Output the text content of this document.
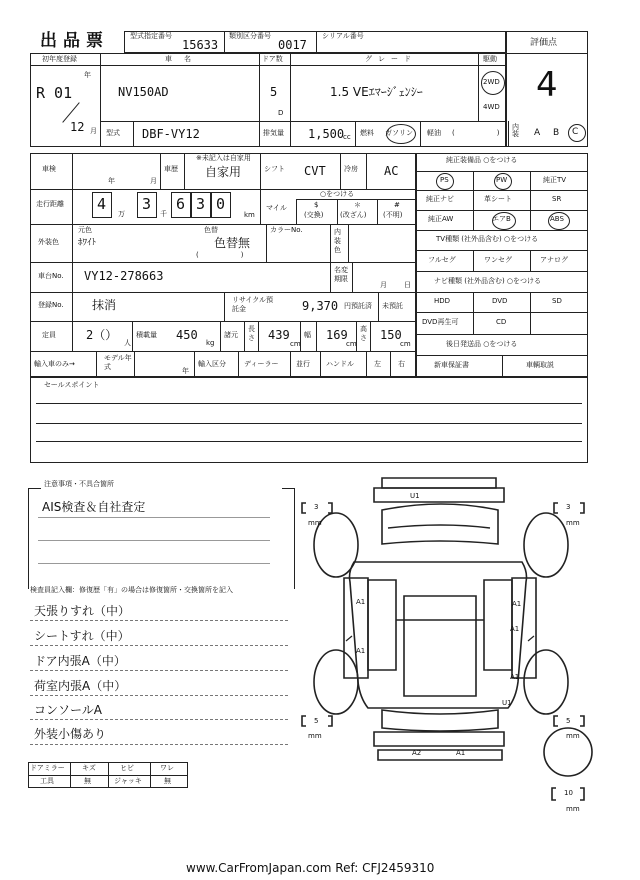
出品票	型式指定番号
15633
類別区分番号
0017
シリアル番号
評価点
4
初年度登録
年
R 01
12 月
車名
NV150AD
ドア数
5
D
グレード
1.5 VEｴﾏｰｼﾞｪﾝｼｰ
駆動
2WD
4WD
型式 DBF-VY12	排気量 1,500
cc 燃料 ガソリン 軽油 (　　　　　　)
内装	A B C
車検
年	月
車歴
※未記入は自家用
自家用	シフト CVT	冷房 AC
走行距離 4
万
3
千
6 3 0
km
マイル
○をつける
$
(交換)
＊
(改ざん)
#
(不明)
外装色
元色
ﾎﾜｲﾄ
色替
色替無
(　　　　　　)
カラーNo.	内装色
車台No. VY12-278663	名変期限
月 日
登録No. 抹消	リサイクル預託金	9,370 円預託済 未預託
定員	2（）
人
積載量 450
kg
諸元
長さ 439
cm
幅 169
cm
高さ 150
cm
輸入車のみ→
モデル年式	年
輸入区分	ディーラー	並行 ハンドル	左 右
純正装備品 ○をつける
PS	PW	純正TV
純正ナビ	革シート	SR
純正AW	エアB	ABS
TV種類 (社外品含む) ○をつける
フルセグ	ワンセグ	アナログ
ナビ種類 (社外品含む) ○をつける
HDD	DVD	SD
DVD再生可	CD
後日発送品 ○をつける
新車保証書	車輌取説
セールスポイント
注意事項・不具合箇所
AIS検査＆自社査定
検査員記入欄：修復歴「有」の場合は修復箇所・交換箇所を記入
天張りすれ（中）
シートすれ（中）
ドア内張A（中）
荷室内張A（中）
コンソールA
外装小傷あり
ドアミラー キズ	ヒビ	ワレ
工具	無	ジャッキ	無
3
mm
3
mm
5
mm
5
mm
10
mm
U1
A1	A1
A1
A1
A1
U1
A2	A1
www.CarFromJapan.com Ref: CFJ2459310
